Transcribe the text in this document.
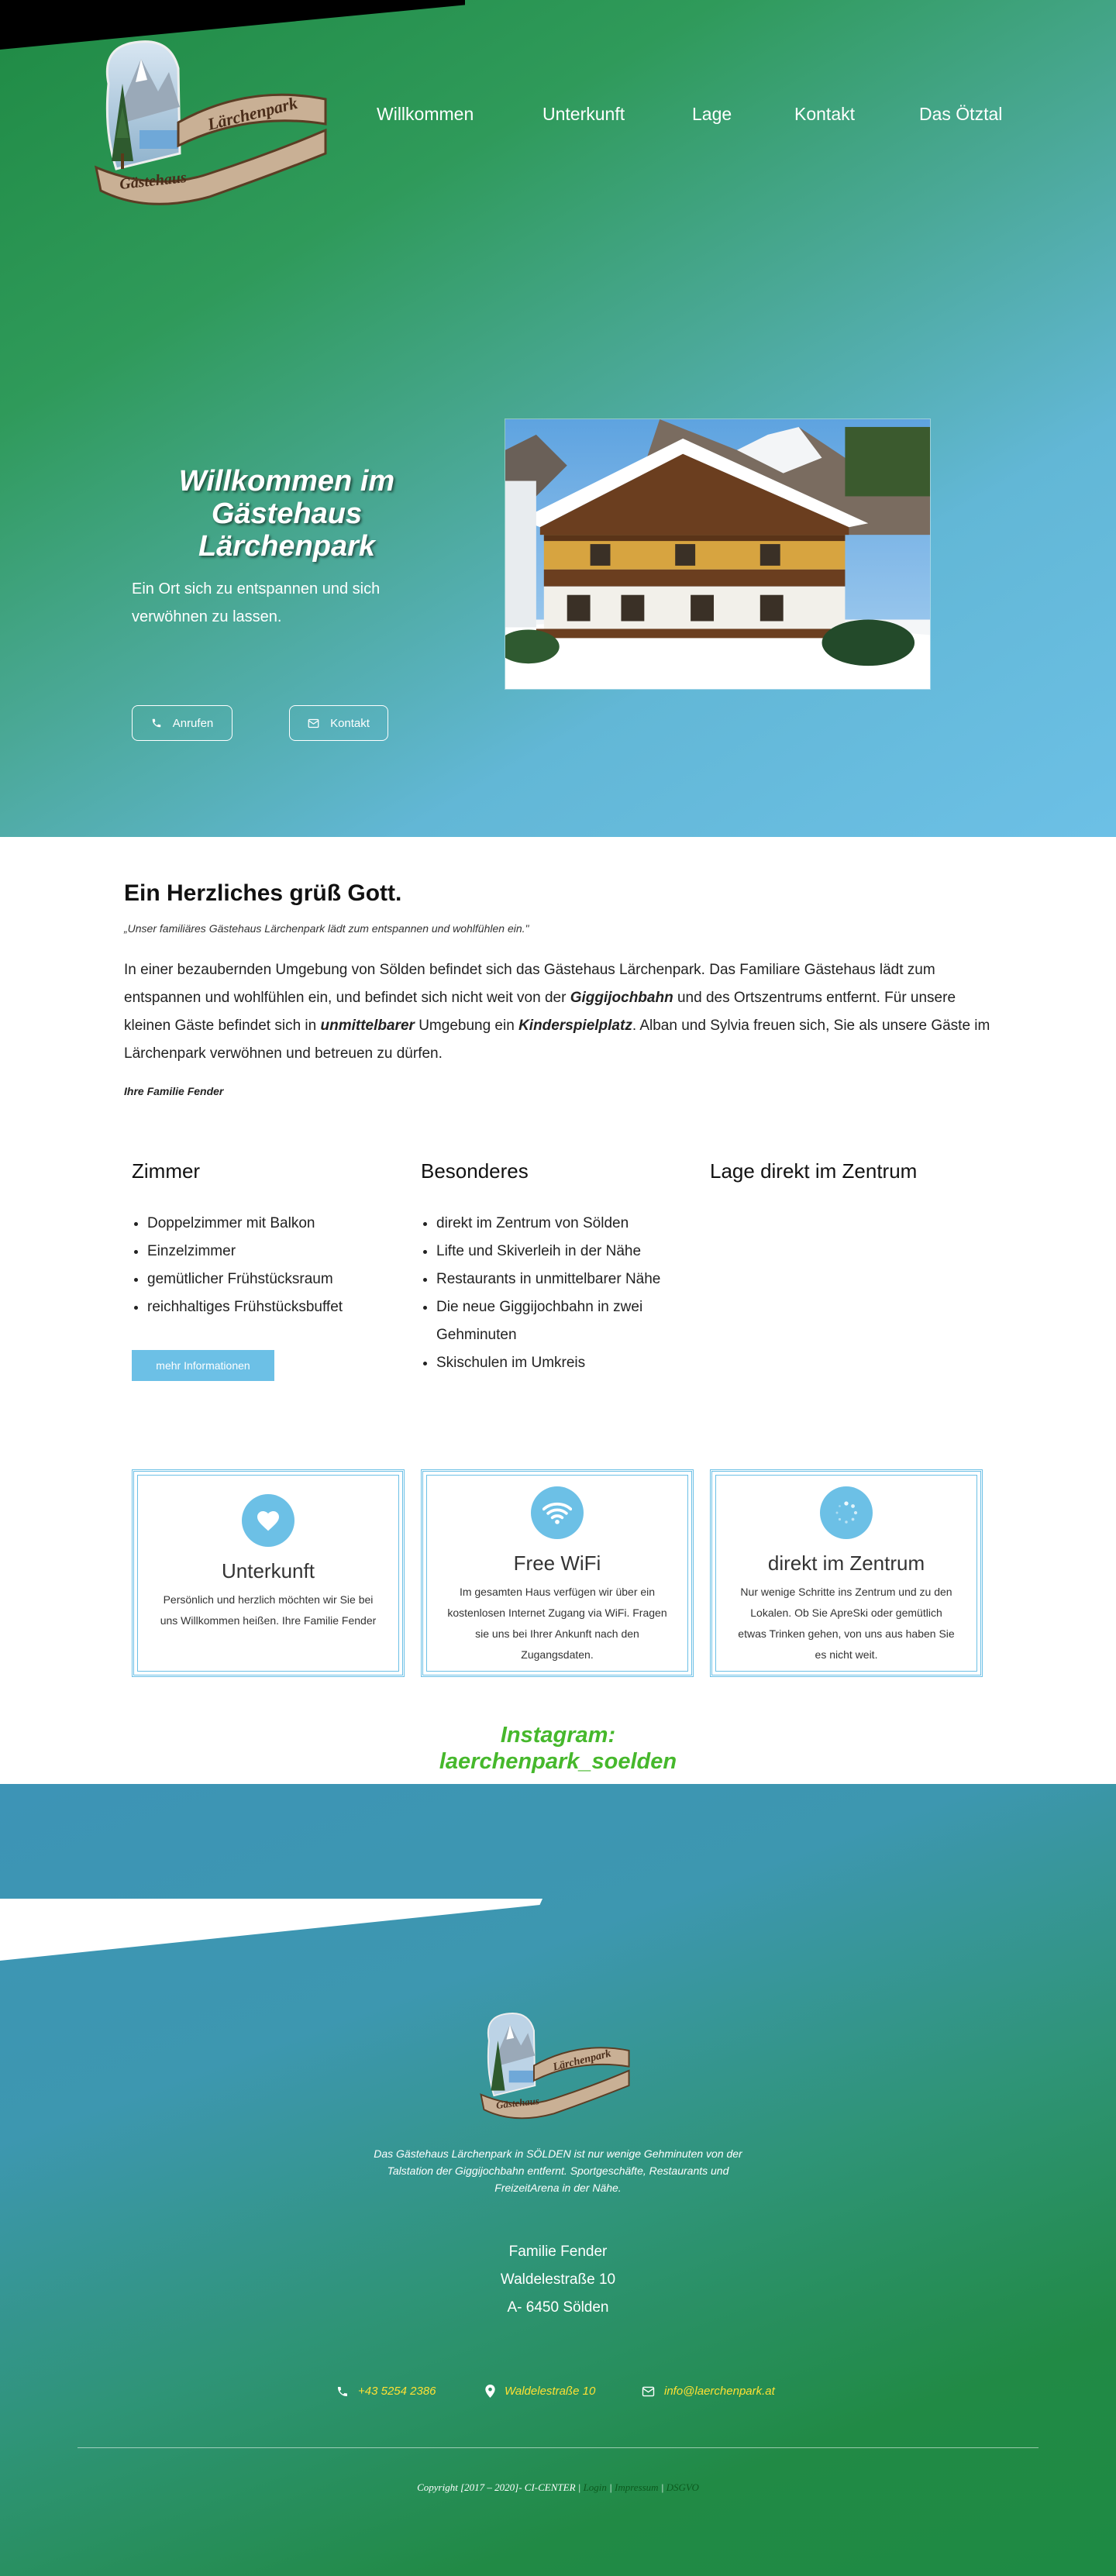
Gästehaus
Lärchenpark	Willkommen	Unterkunft	Lage	Kontakt	Das Ötztal
Willkommen im Gästehaus Lärchenpark

Ein Ort sich zu entspannen und sich verwöhnen zu lassen.

Anrufen	Kontakt
Ein Herzliches grüß Gott.

„Unser familiäres Gästehaus Lärchenpark lädt zum entspannen und wohlfühlen ein."

In einer bezaubernden Umgebung von Sölden befindet sich das Gästehaus Lärchenpark. Das Familiare Gästehaus lädt zum entspannen und wohlfühlen ein, und befindet sich nicht weit von der Giggijochbahn und des Ortszentrums entfernt. Für unsere kleinen Gäste befindet sich in unmittelbarer Umgebung ein Kinderspielplatz. Alban und Sylvia freuen sich, Sie als unsere Gäste im Lärchenpark verwöhnen und betreuen zu dürfen.

Ihre Familie Fender

Zimmer
• Doppelzimmer mit Balkon
• Einzelzimmer
• gemütlicher Frühstücksraum
• reichhaltiges Frühstücksbuffet
mehr Informationen
Besonderes
• direkt im Zentrum von Sölden
• Lifte und Skiverleih in der Nähe
• Restaurants in unmittelbarer Nähe
• Die neue Giggijochbahn in zwei Gehminuten
• Skischulen im Umkreis
Lage direkt im Zentrum
Unterkunft

Persönlich und herzlich möchten wir Sie bei uns Willkommen heißen. Ihre Familie Fender

Free WiFi

Im gesamten Haus verfügen wir über ein kostenlosen Internet Zugang via WiFi. Fragen sie uns bei Ihrer Ankunft nach den Zugangsdaten.

direkt im Zentrum

Nur wenige Schritte ins Zentrum und zu den Lokalen. Ob Sie ApreSki oder gemütlich etwas Trinken gehen, von uns aus haben Sie es nicht weit.

Instagram:
laerchenpark_soelden
Gästehaus
Lärchenpark

Das Gästehaus Lärchenpark in SÖLDEN ist nur wenige Gehminuten von der Talstation der Giggijochbahn entfernt. Sportgeschäfte, Restaurants und FreizeitArena in der Nähe.

Familie Fender
Waldelestraße 10
A- 6450 Sölden
+43 5254 2386	Waldelestraße 10	info@laerchenpark.at

Copyright [2017 – 2020]- CI-CENTER | Login | Impressum | DSGVO
